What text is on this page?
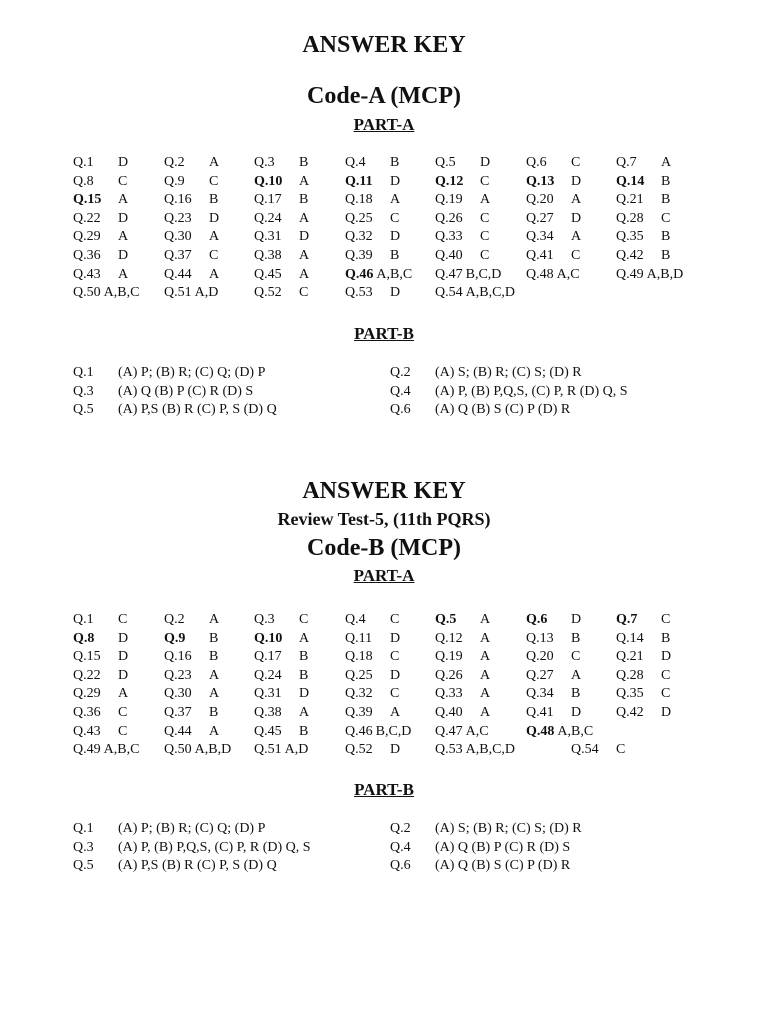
ANSWER KEY
Code-A (MCP)
PART-A
Q.1 D	Q.2 A Q.3 B	Q.4 B	Q.5 D	Q.6 C	Q.7 A
Q.8 C	Q.9 C	Q.10 A	Q.11 D Q.12 C	Q.13 D Q.14 B
Q.15 A	Q.16 B	Q.17 B	Q.18 A Q.19 A	Q.20 A Q.21 B
Q.22 D	Q.23 D Q.24 A	Q.25 C	Q.26 C	Q.27 D Q.28 C
Q.29 A	Q.30 A Q.31 D	Q.32 D Q.33 C	Q.34 A Q.35 B
Q.36 D	Q.37 C	Q.38 A	Q.39 B	Q.40 C	Q.41 C	Q.42 B
Q.43 A	Q.44 A Q.45 A	Q.46 A,B,C Q.47 B,C,D Q.48 A,C	Q.49 A,B,D
Q.50 A,B,C Q.51 A,D	Q.52 C	Q.53 D Q.54 A,B,C,D
PART-B
Q.1 (A) P; (B) R; (C) Q; (D) P	Q.2 (A) S; (B) R; (C) S; (D) R
Q.3 (A) Q (B) P (C) R (D) S	Q.4 (A) P, (B) P,Q,S, (C) P, R (D) Q, S
Q.5 (A) P,S (B) R (C) P, S (D) Q	Q.6 (A) Q (B) S (C) P (D) R
ANSWER KEY
Review Test-5, (11th PQRS)
Code-B (MCP)
PART-A
Q.1 C	Q.2 A Q.3 C	Q.4 C	Q.5 A	Q.6 D Q.7 C
Q.8 D	Q.9 B	Q.10 A	Q.11 D Q.12 A	Q.13 B	Q.14 B
Q.15 D	Q.16 B	Q.17 B	Q.18 C	Q.19 A	Q.20 C	Q.21 D
Q.22 D	Q.23 A Q.24 B	Q.25 D Q.26 A	Q.27 A Q.28 C
Q.29 A	Q.30 A Q.31 D	Q.32 C	Q.33 A	Q.34 B	Q.35 C
Q.36 C	Q.37 B	Q.38 A	Q.39 A Q.40 A	Q.41 D Q.42 D
Q.43 C	Q.44 A Q.45 B	Q.46 B,C,D Q.47 A,C	Q.48 A,B,C
Q.49 A,B,C Q.50 A,B,D Q.51 A,D	Q.52 D Q.53 A,B,C,D	Q.54 C
PART-B
Q.1 (A) P; (B) R; (C) Q; (D) P	Q.2 (A) S; (B) R; (C) S; (D) R
Q.3 (A) P, (B) P,Q,S, (C) P, R (D) Q, S	Q.4 (A) Q (B) P (C) R (D) S
Q.5 (A) P,S (B) R (C) P, S (D) Q	Q.6 (A) Q (B) S (C) P (D) R
